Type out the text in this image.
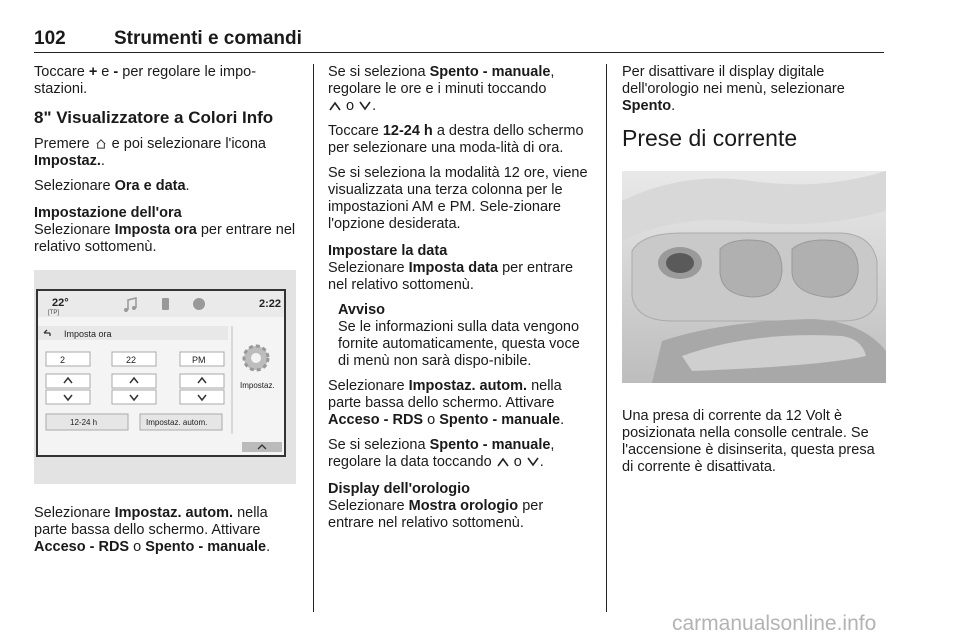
102	Strumenti e comandi

Toccare + e - per regolare le impo-stazioni.

8" Visualizzatore a Colori Info

Premere  e poi selezionare l'icona Impostaz..

Selezionare Ora e data.

Impostazione dell'ora

Selezionare Imposta ora per entrare nel relativo sottomenù.

22°
[TP]
2:22
Imposta ora
2	22	PM
12-24 h	Impostaz. autom.
Impostaz.

Selezionare Impostaz. autom. nella parte bassa dello schermo. Attivare Acceso - RDS o Spento - manuale.

Se si seleziona Spento - manuale, regolare le ore e i minuti toccando
o .

Toccare 12-24 h a destra dello schermo per selezionare una moda-lità di ora.

Se si seleziona la modalità 12 ore, viene visualizzata una terza colonna per le impostazioni AM e PM. Sele-zionare l'opzione desiderata.

Impostare la data

Selezionare Imposta data per entrare nel relativo sottomenù.

Avviso
Se le informazioni sulla data vengono fornite automaticamente, questa voce di menù non sarà dispo-nibile.

Selezionare Impostaz. autom. nella parte bassa dello schermo. Attivare Acceso - RDS o Spento - manuale.

Se si seleziona Spento - manuale, regolare la data toccando  o .

Display dell'orologio

Selezionare Mostra orologio per entrare nel relativo sottomenù.

Per disattivare il display digitale dell'orologio nei menù, selezionare Spento.

Prese di corrente

Una presa di corrente da 12 Volt è posizionata nella consolle centrale. Se l'accensione è disinserita, questa presa di corrente è disattivata.

carmanualsonline.info
